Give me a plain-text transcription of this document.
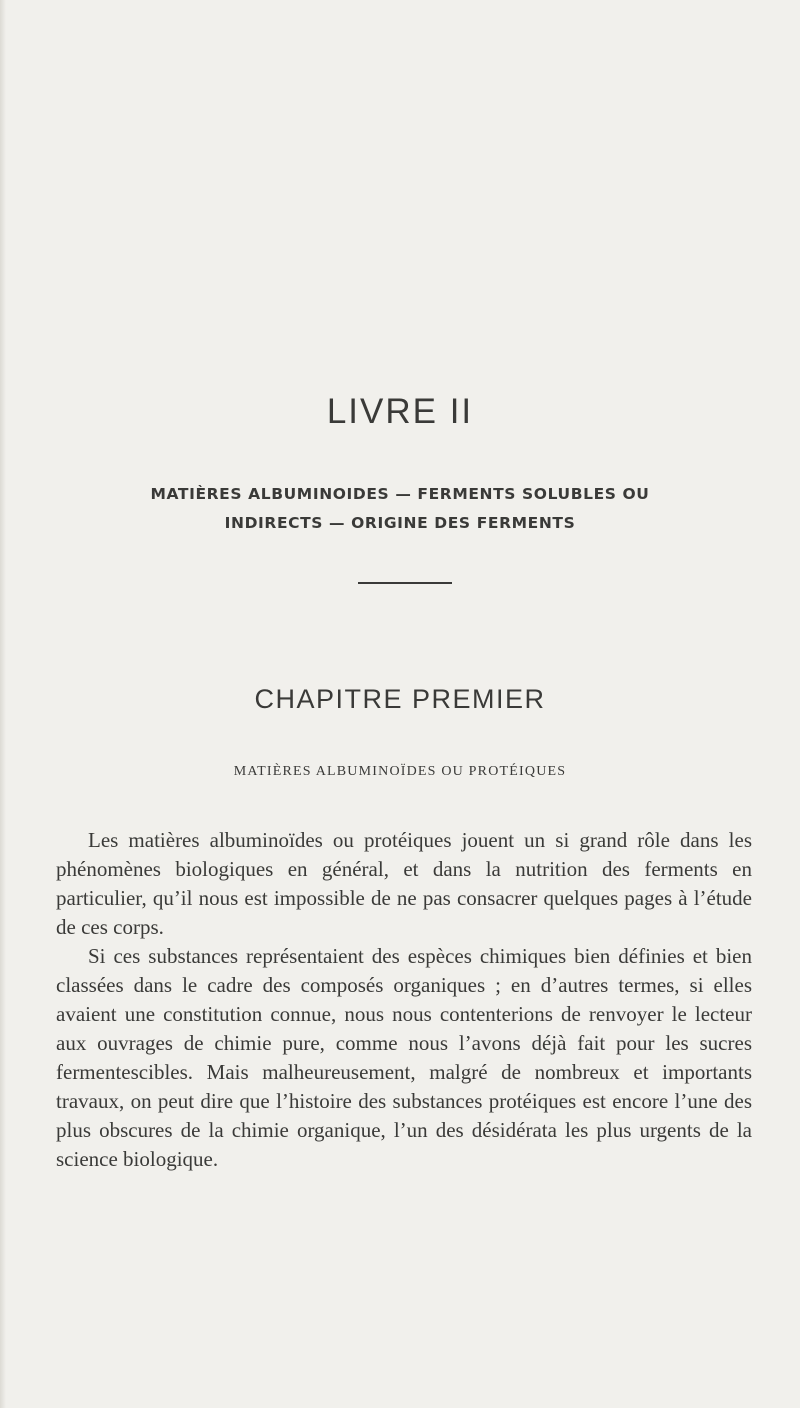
LIVRE II
MATIÈRES ALBUMINOIDES — FERMENTS SOLUBLES OU
INDIRECTS — ORIGINE DES FERMENTS
CHAPITRE PREMIER
MATIÈRES ALBUMINOÏDES OU PROTÉIQUES

Les matières albuminoïdes ou protéiques jouent un si grand rôle dans les phénomènes biologiques en général, et dans la nutrition des ferments en particulier, qu’il nous est impossible de ne pas consacrer quelques pages à l’étude de ces corps.

Si ces substances représentaient des espèces chimiques bien définies et bien classées dans le cadre des composés organiques ; en d’autres termes, si elles avaient une constitution connue, nous nous contenterions de renvoyer le lecteur aux ouvrages de chimie pure, comme nous l’avons déjà fait pour les sucres fermentescibles. Mais malheureusement, malgré de nombreux et importants travaux, on peut dire que l’histoire des substances protéiques est encore l’une des plus obscures de la chimie organique, l’un des désidérata les plus urgents de la science biologique.
